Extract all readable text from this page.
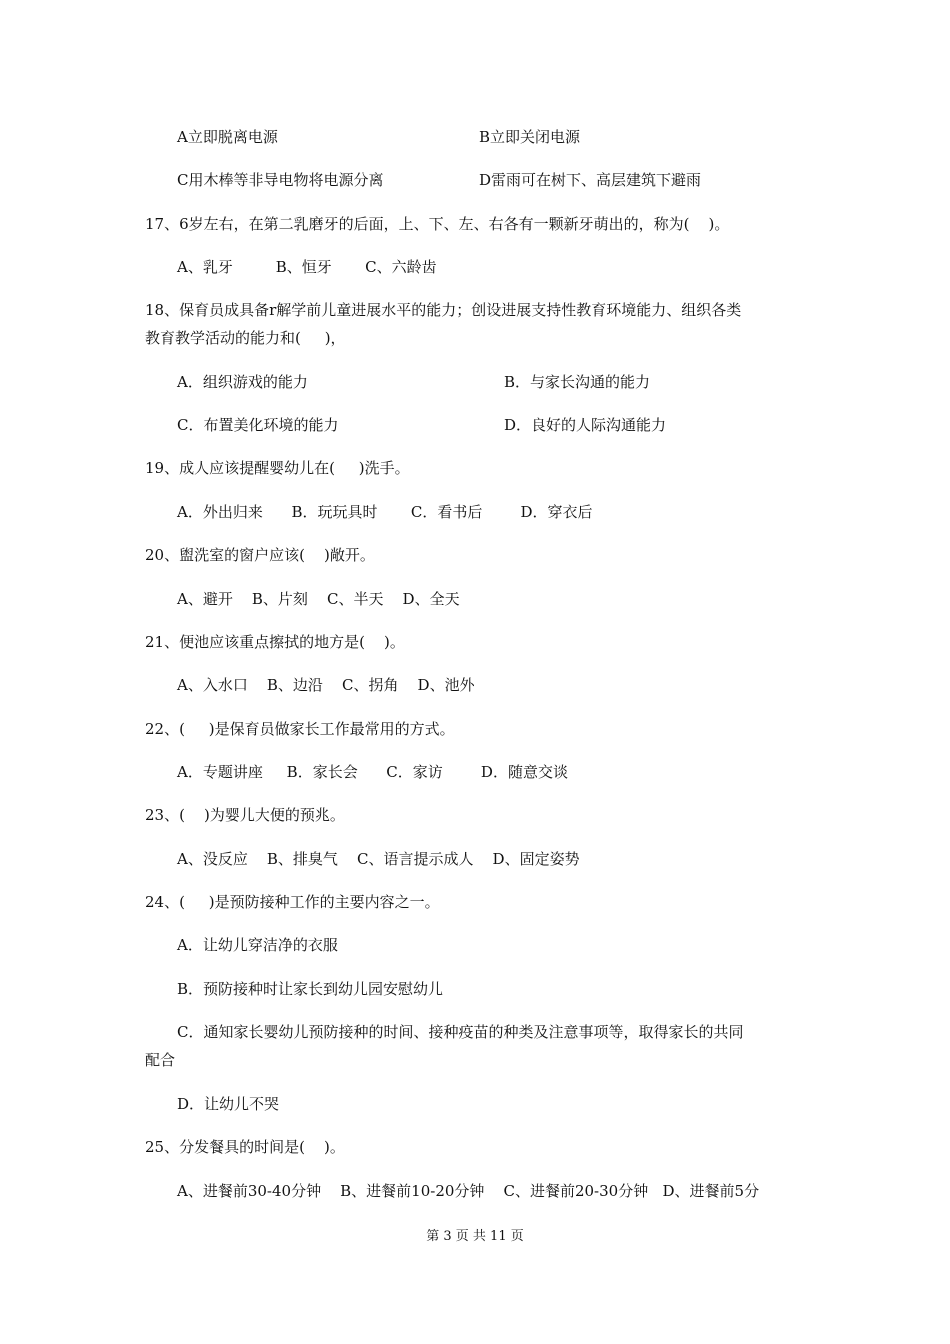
A立即脱离电源	B立即关闭电源
C用木棒等非导电物将电源分离	D雷雨可在树下、高层建筑下避雨
17、6岁左右，在第二乳磨牙的后面，上、下、左、右各有一颗新牙萌出的，称为(    )。
A、乳牙         B、恒牙       C、六龄齿
18、保育员成具备r解学前儿童进展水平的能力；创设进展支持性教育环境能力、组织各类
教育教学活动的能力和(     )，
A．组织游戏的能力	B．与家长沟通的能力
C．布置美化环境的能力	D．良好的人际沟通能力
19、成人应该提醒婴幼儿在(     )洗手。
A．外出归来      B．玩玩具时       C．看书后        D．穿衣后
20、盥洗室的窗户应该(    )敞开。
A、避开    B、片刻    C、半天    D、全天
21、便池应该重点擦拭的地方是(    )。
A、入水口    B、边沿    C、拐角    D、池外
22、(     )是保育员做家长工作最常用的方式。
A．专题讲座     B．家长会      C．家访        D．随意交谈
23、(    )为婴儿大便的预兆。
A、没反应    B、排臭气    C、语言提示成人    D、固定姿势
24、(     )是预防接种工作的主要内容之一。
A．让幼儿穿洁净的衣服
B．预防接种时让家长到幼儿园安慰幼儿
C．通知家长婴幼儿预防接种的时间、接种疫苗的种类及注意事项等，取得家长的共同
配合
D．让幼儿不哭
25、分发餐具的时间是(    )。
A、进餐前30-40分钟    B、进餐前10-20分钟    C、进餐前20-30分钟   D、进餐前5分
第 3 页 共 11 页
